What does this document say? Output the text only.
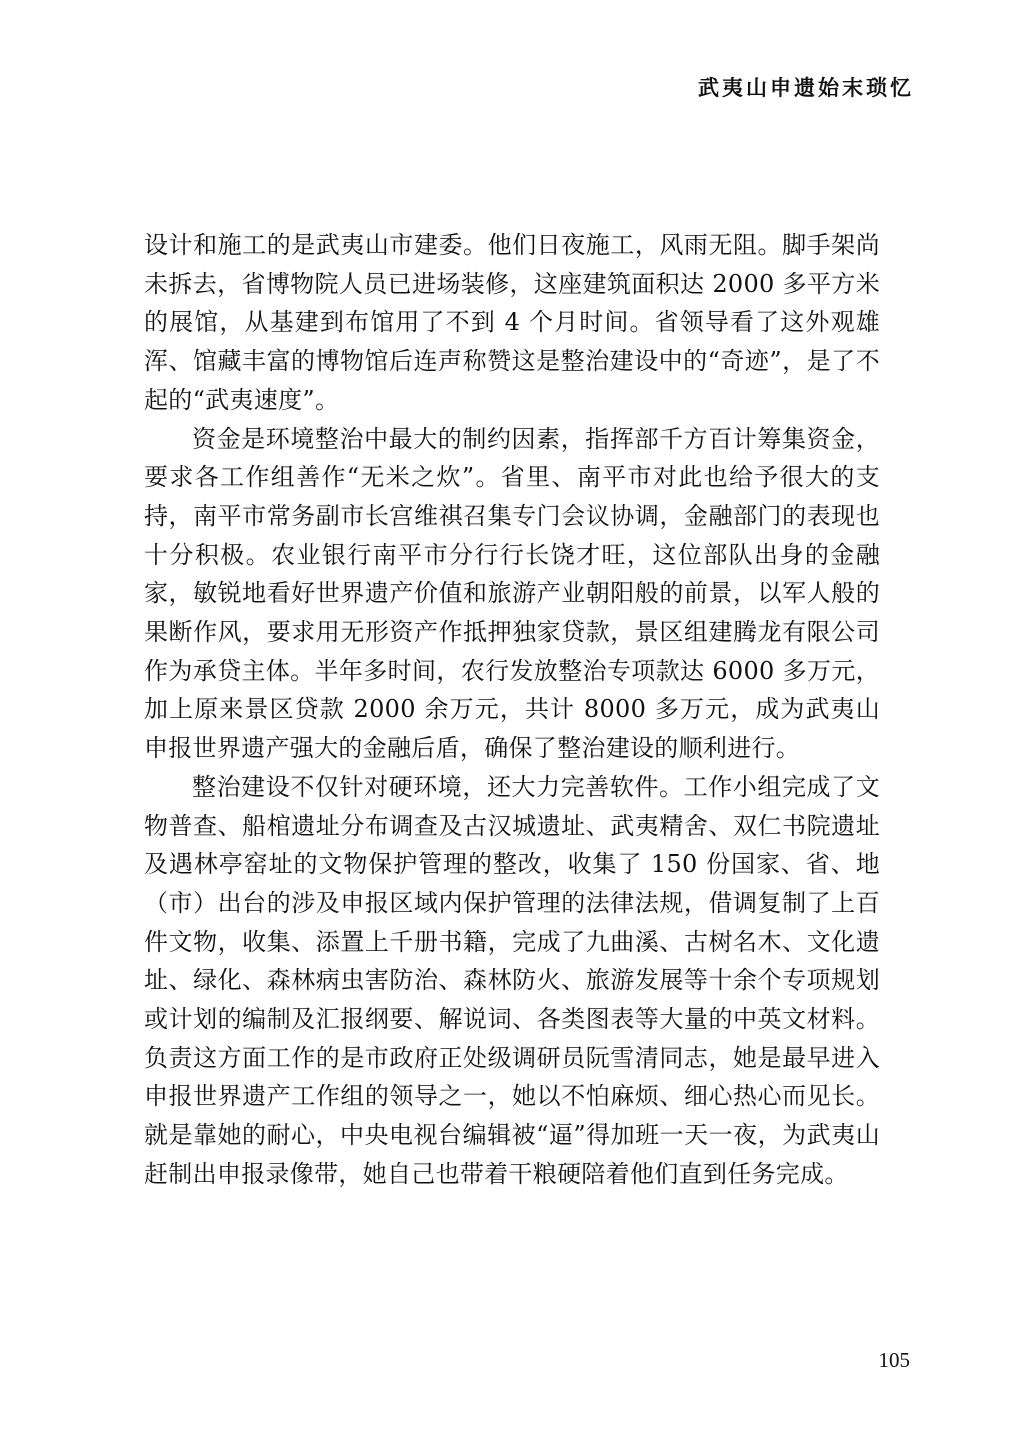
武夷山申遗始末琐忆

设计和施工的是武夷山市建委。他们日夜施工，风雨无阻。脚手架尚未拆去，省博物院人员已进场装修，这座建筑面积达 2000 多平方米的展馆，从基建到布馆用了不到 4 个月时间。省领导看了这外观雄浑、馆藏丰富的博物馆后连声称赞这是整治建设中的“奇迹”，是了不起的“武夷速度”。

资金是环境整治中最大的制约因素，指挥部千方百计筹集资金，要求各工作组善作“无米之炊”。省里、南平市对此也给予很大的支持，南平市常务副市长宫维祺召集专门会议协调，金融部门的表现也十分积极。农业银行南平市分行行长饶才旺，这位部队出身的金融家，敏锐地看好世界遗产价值和旅游产业朝阳般的前景，以军人般的果断作风，要求用无形资产作抵押独家贷款，景区组建腾龙有限公司作为承贷主体。半年多时间，农行发放整治专项款达 6000 多万元，加上原来景区贷款 2000 余万元，共计 8000 多万元，成为武夷山申报世界遗产强大的金融后盾，确保了整治建设的顺利进行。

整治建设不仅针对硬环境，还大力完善软件。工作小组完成了文物普查、船棺遗址分布调查及古汉城遗址、武夷精舍、双仁书院遗址及遇林亭窑址的文物保护管理的整改，收集了 150 份国家、省、地（市）出台的涉及申报区域内保护管理的法律法规，借调复制了上百件文物，收集、添置上千册书籍，完成了九曲溪、古树名木、文化遗址、绿化、森林病虫害防治、森林防火、旅游发展等十余个专项规划或计划的编制及汇报纲要、解说词、各类图表等大量的中英文材料。负责这方面工作的是市政府正处级调研员阮雪清同志，她是最早进入申报世界遗产工作组的领导之一，她以不怕麻烦、细心热心而见长。就是靠她的耐心，中央电视台编辑被“逼”得加班一天一夜，为武夷山赶制出申报录像带，她自己也带着干粮硬陪着他们直到任务完成。

105
